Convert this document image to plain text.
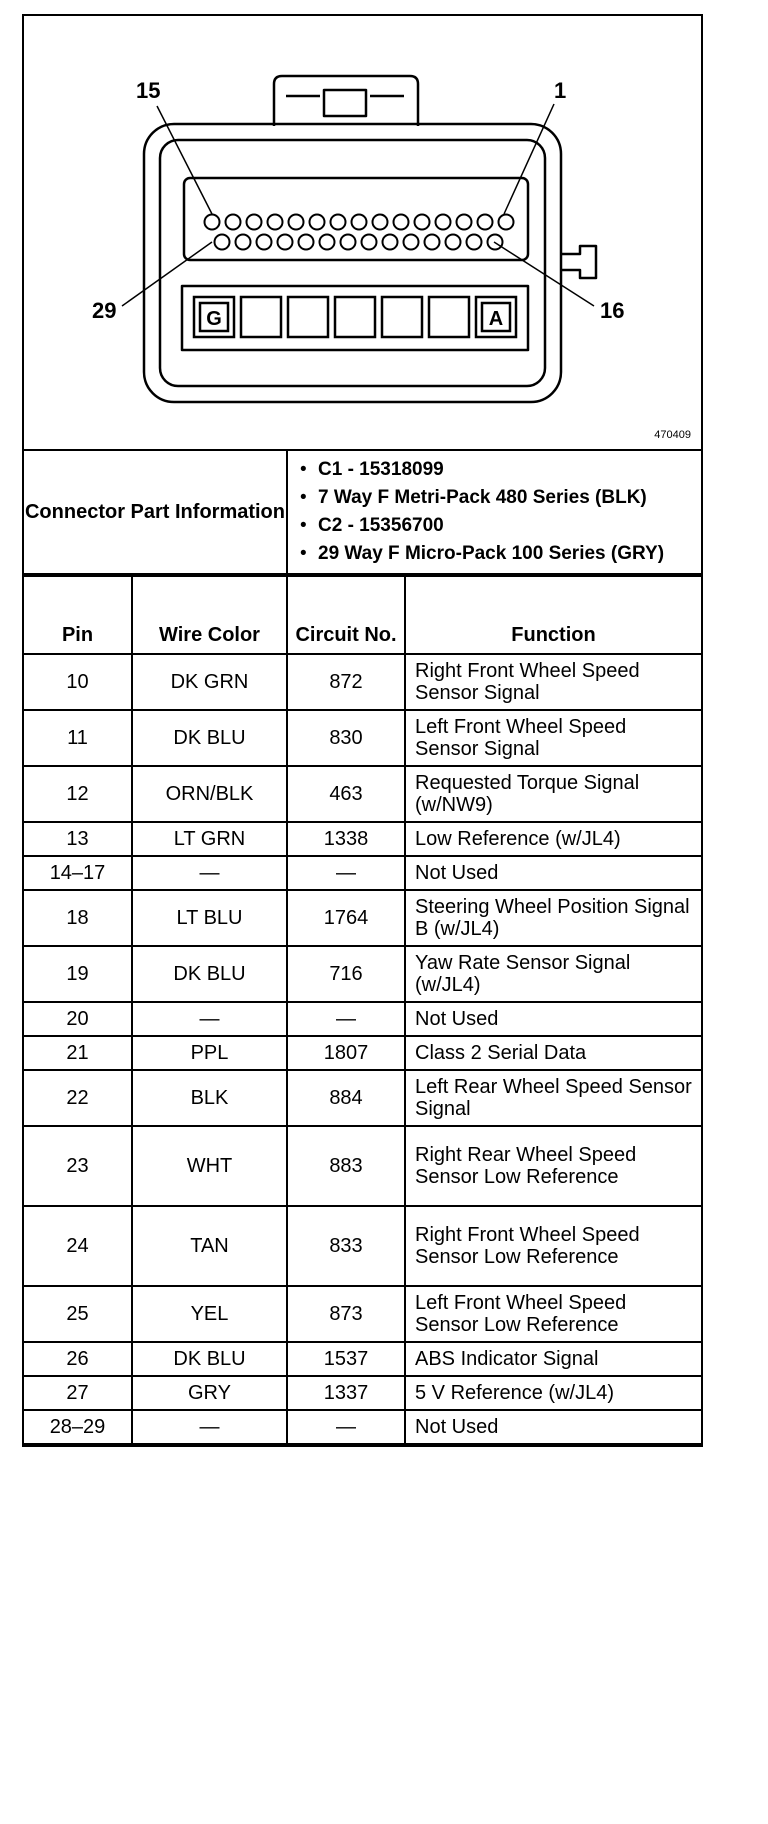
G	A
15	1
29	16
470409
Connector Part Information	
• C1 - 15318099
• 7 Way F Metri-Pack 480 Series (BLK)
• C2 - 15356700
• 29 Way F Micro-Pack 100 Series (GRY)
Pin	Wire Color	Circuit No.	Function
10	DK GRN	872	Right Front Wheel Speed Sensor Signal
11	DK BLU	830	Left Front Wheel Speed Sensor Signal
12	ORN/BLK	463	Requested Torque Signal (w/NW9)
13	LT GRN	1338	Low Reference (w/JL4)
14–17	—	—	Not Used
18	LT BLU	1764	Steering Wheel Position Signal B (w/JL4)
19	DK BLU	716	Yaw Rate Sensor Signal (w/JL4)
20	—	—	Not Used
21	PPL	1807	Class 2 Serial Data
22	BLK	884	Left Rear Wheel Speed Sensor Signal
23	WHT	883	Right Rear Wheel Speed Sensor Low Reference
24	TAN	833	Right Front Wheel Speed Sensor Low Reference
25	YEL	873	Left Front Wheel Speed Sensor Low Reference
26	DK BLU	1537	ABS Indicator Signal
27	GRY	1337	5 V Reference (w/JL4)
28–29	—	—	Not Used
